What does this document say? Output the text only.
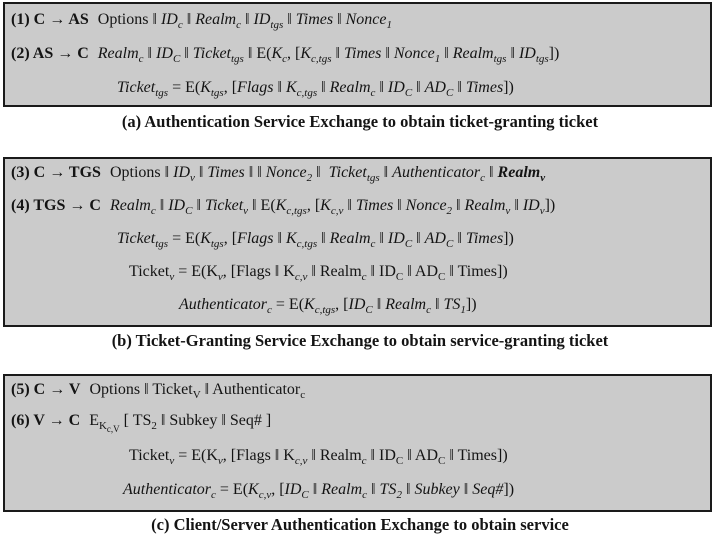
(1) C → AS Options ‖ $ID_c$ ‖ Realm$_c$ ‖ $ID_{tgs}$ ‖ Times ‖ Nonce$_1$
(2) AS → C Realm$_c$ ‖ $ID_C$ ‖ Ticket$_{tgs}$ ‖ $E(K_c$, [$K_{c,tgs}$ ‖ Times ‖ Nonce$_1$ ‖ Realm$_{tgs}$ ‖ $ID_{tgs}$])
Ticket$_{tgs}$ = $E(K_{tgs}$, [Flags ‖ $K_{c,tgs}$ ‖ Realm$_c$ ‖ $ID_C$ ‖ $AD_C$ ‖ Times])
(a) Authentication Service Exchange to obtain ticket-granting ticket
(3) C → TGS Options ‖ $ID_v$ ‖ Times ‖ ‖ Nonce$_2$ ‖ Ticket$_{tgs}$ ‖ Authenticator$_c$ ‖ Realm$_v$
(4) TGS → C Realm$_c$ ‖ $ID_C$ ‖ Ticket$_v$ ‖ $E(K_{c,tgs}$, [$K_{c,v}$ ‖ Times ‖ Nonce$_2$ ‖ Realm$_v$ ‖ $ID_v$])
Ticket$_{tgs}$ = $E(K_{tgs}$, [Flags ‖ $K_{c,tgs}$ ‖ Realm$_c$ ‖ $ID_C$ ‖ $AD_C$ ‖ Times])
Ticket$_v$ = $E(K_v$, [Flags ‖ $K_{c,v}$ ‖ Realm$_c$ ‖ $ID_C$ ‖ $AD_C$ ‖ Times])
Authenticator$_c$ = $E(K_{c,tgs}$, [$ID_C$ ‖ Realm$_c$ ‖ $TS_1$])
(b) Ticket-Granting Service Exchange to obtain service-granting ticket
(5) C → V Options ‖ Ticket$_V$ ‖ Authenticator$_c$
(6) V → C $E_{K_{c,V}}$ [ $TS_2$ ‖ Subkey ‖ Seq# ]
Ticket$_v$ = $E(K_v$, [Flags ‖ $K_{c,v}$ ‖ Realm$_c$ ‖ $ID_C$ ‖ $AD_C$ ‖ Times])
Authenticator$_c$ = $E(K_{c,v}$, [$ID_C$ ‖ Realm$_c$ ‖ $TS_2$ ‖ Subkey ‖ Seq#])
(c) Client/Server Authentication Exchange to obtain service
